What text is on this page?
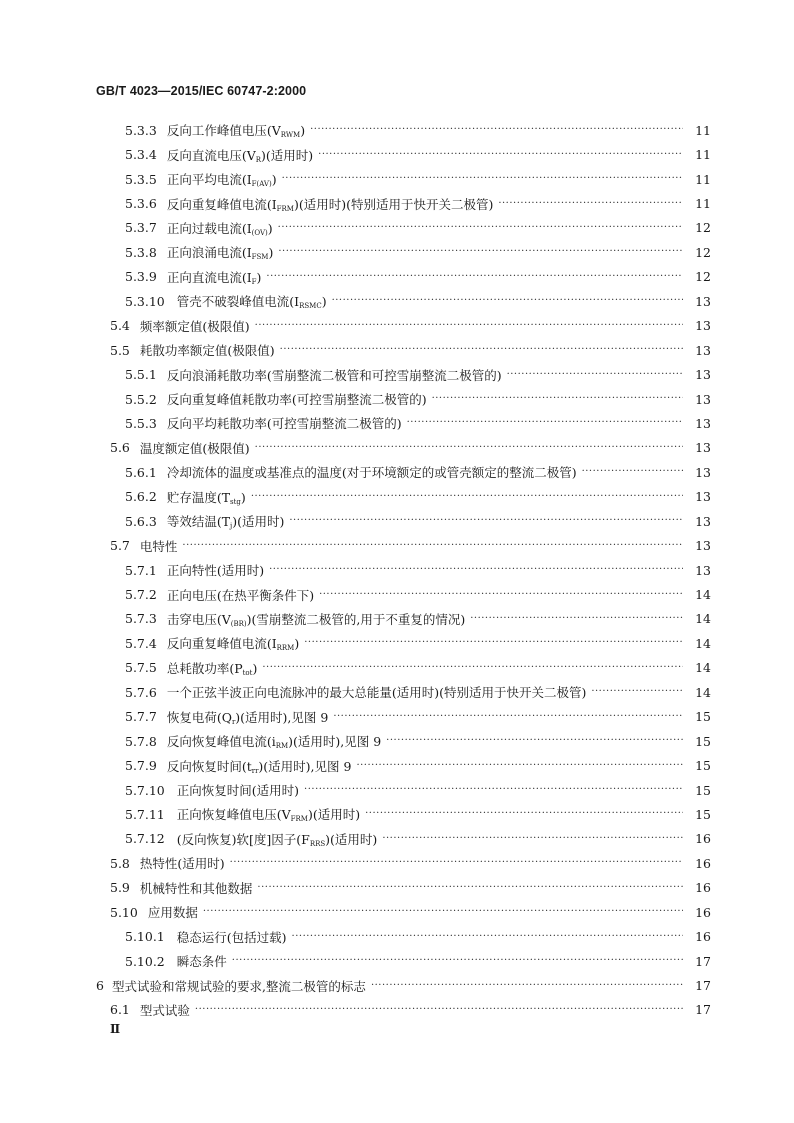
GB/T 4023—2015/IEC 60747-2:2000
5.3.3 反向工作峰值电压$(V_{RWM})$ ·····	11
5.3.4 反向直流电压$(V_R)$(适用时) ·····	11
5.3.5 正向平均电流$(I_{F(AV)})$ ·····	11
5.3.6 反向重复峰值电流$(I_{FRM})$(适用时)(特别适用于快开关二极管) ·····	11
5.3.7 正向过载电流$(I_{(OV)})$ ·····	12
5.3.8 正向浪涌电流$(I_{FSM})$ ·····	12
5.3.9 正向直流电流$(I_F)$ ·····	12
5.3.10 管壳不破裂峰值电流$(I_{RSMC})$ ·····	13
5.4 频率额定值(极限值) ·····	13
5.5 耗散功率额定值(极限值) ·····	13
5.5.1 反向浪涌耗散功率(雪崩整流二极管和可控雪崩整流二极管的) ·····	13
5.5.2 反向重复峰值耗散功率(可控雪崩整流二极管的) ·····	13
5.5.3 反向平均耗散功率(可控雪崩整流二极管的) ·····	13
5.6 温度额定值(极限值) ·····	13
5.6.1 冷却流体的温度或基准点的温度(对于环境额定的或管壳额定的整流二极管) ·····	13
5.6.2 贮存温度$(T_{stg})$ ·····	13
5.6.3 等效结温$(T_j)$(适用时) ·····	13
5.7 电特性 ·····	13
5.7.1 正向特性(适用时) ·····	13
5.7.2 正向电压(在热平衡条件下) ·····	14
5.7.3 击穿电压$(V_{(BR)})$(雪崩整流二极管的,用于不重复的情况) ·····	14
5.7.4 反向重复峰值电流$(I_{RRM})$ ·····	14
5.7.5 总耗散功率$(P_{tot})$ ·····	14
5.7.6 一个正弦半波正向电流脉冲的最大总能量(适用时)(特别适用于快开关二极管) ·····	14
5.7.7 恢复电荷$(Q_r)$(适用时),见图 9 ·····	15
5.7.8 反向恢复峰值电流$(i_{RM})$(适用时),见图 9 ·····	15
5.7.9 反向恢复时间$(t_{rr})$(适用时),见图 9 ·····	15
5.7.10 正向恢复时间(适用时) ·····	15
5.7.11 正向恢复峰值电压$(V_{FRM})$(适用时) ·····	15
5.7.12 (反向恢复)软[度]因子$(F_{RRS})$(适用时) ·····	16
5.8 热特性(适用时) ·····	16
5.9 机械特性和其他数据 ·····	16
5.10 应用数据 ·····	16
5.10.1 稳态运行(包括过载) ·····	16
5.10.2 瞬态条件 ·····	17
6 型式试验和常规试验的要求,整流二极管的标志 ·····	17
6.1 型式试验 ·····	17
Ⅱ
